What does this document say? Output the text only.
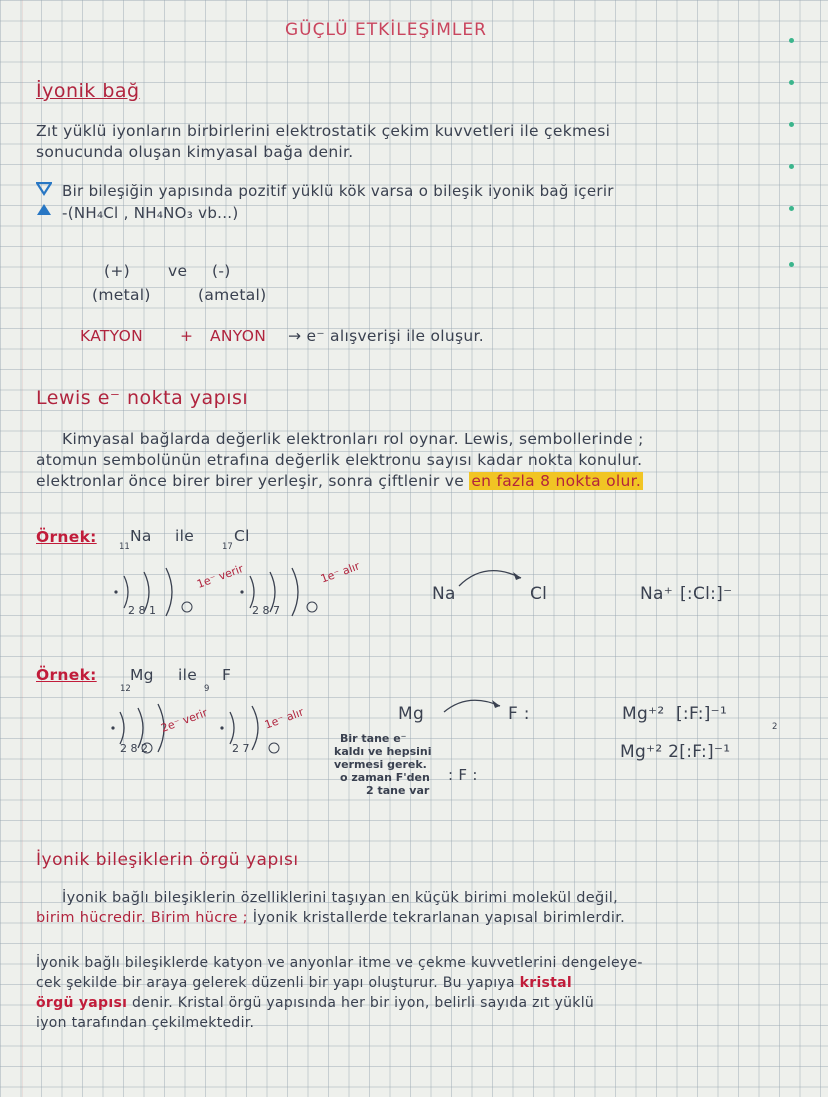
GÜÇLÜ ETKİLEŞİMLER
İyonik bağ
Zıt yüklü iyonların birbirlerini elektrostatik çekim kuvvetleri ile çekmesi
sonucunda oluşan kimyasal bağa denir.
Bir bileşiğin yapısında pozitif yüklü kök varsa o bileşik iyonik bağ içerir
-(NH₄Cl , NH₄NO₃ vb...)
(+) ve (-)
(metal)	(ametal)
KATYON + ANYON → e⁻ alışverişi ile oluşur.
Lewis e⁻ nokta yapısı
Kimyasal bağlarda değerlik elektronları rol oynar. Lewis, sembollerinde ;
atomun sembolünün etrafına değerlik elektronu sayısı kadar nokta konulur.
elektronlar önce birer birer yerleşir, sonra çiftlenir ve en fazla 8 nokta olur.
Örnek:
11
Na ile
17
Cl
2 8 1	2 8 7
1e⁻ verir	1e⁻ alır
Na	Cl	Na⁺ [:Cl:]⁻
Örnek:
12
Mg ile
9
F
2 8 2	2 7
2e⁻ verir	1e⁻ alır
Bir tane e⁻
kaldı ve hepsini
vermesi gerek.
o zaman F'den
2 tane var
Mg	F :
: F :
Mg⁺² [:F:]⁻¹
2
Mg⁺² 2[:F:]⁻¹
İyonik bileşiklerin örgü yapısı
İyonik bağlı bileşiklerin özelliklerini taşıyan en küçük birimi molekül değil,
birim hücredir. Birim hücre ; İyonik kristallerde tekrarlanan yapısal birimlerdir.
İyonik bağlı bileşiklerde katyon ve anyonlar itme ve çekme kuvvetlerini dengeleye-
cek şekilde bir araya gelerek düzenli bir yapı oluşturur. Bu yapıya kristal
örgü yapısı denir. Kristal örgü yapısında her bir iyon, belirli sayıda zıt yüklü
iyon tarafından çekilmektedir.
